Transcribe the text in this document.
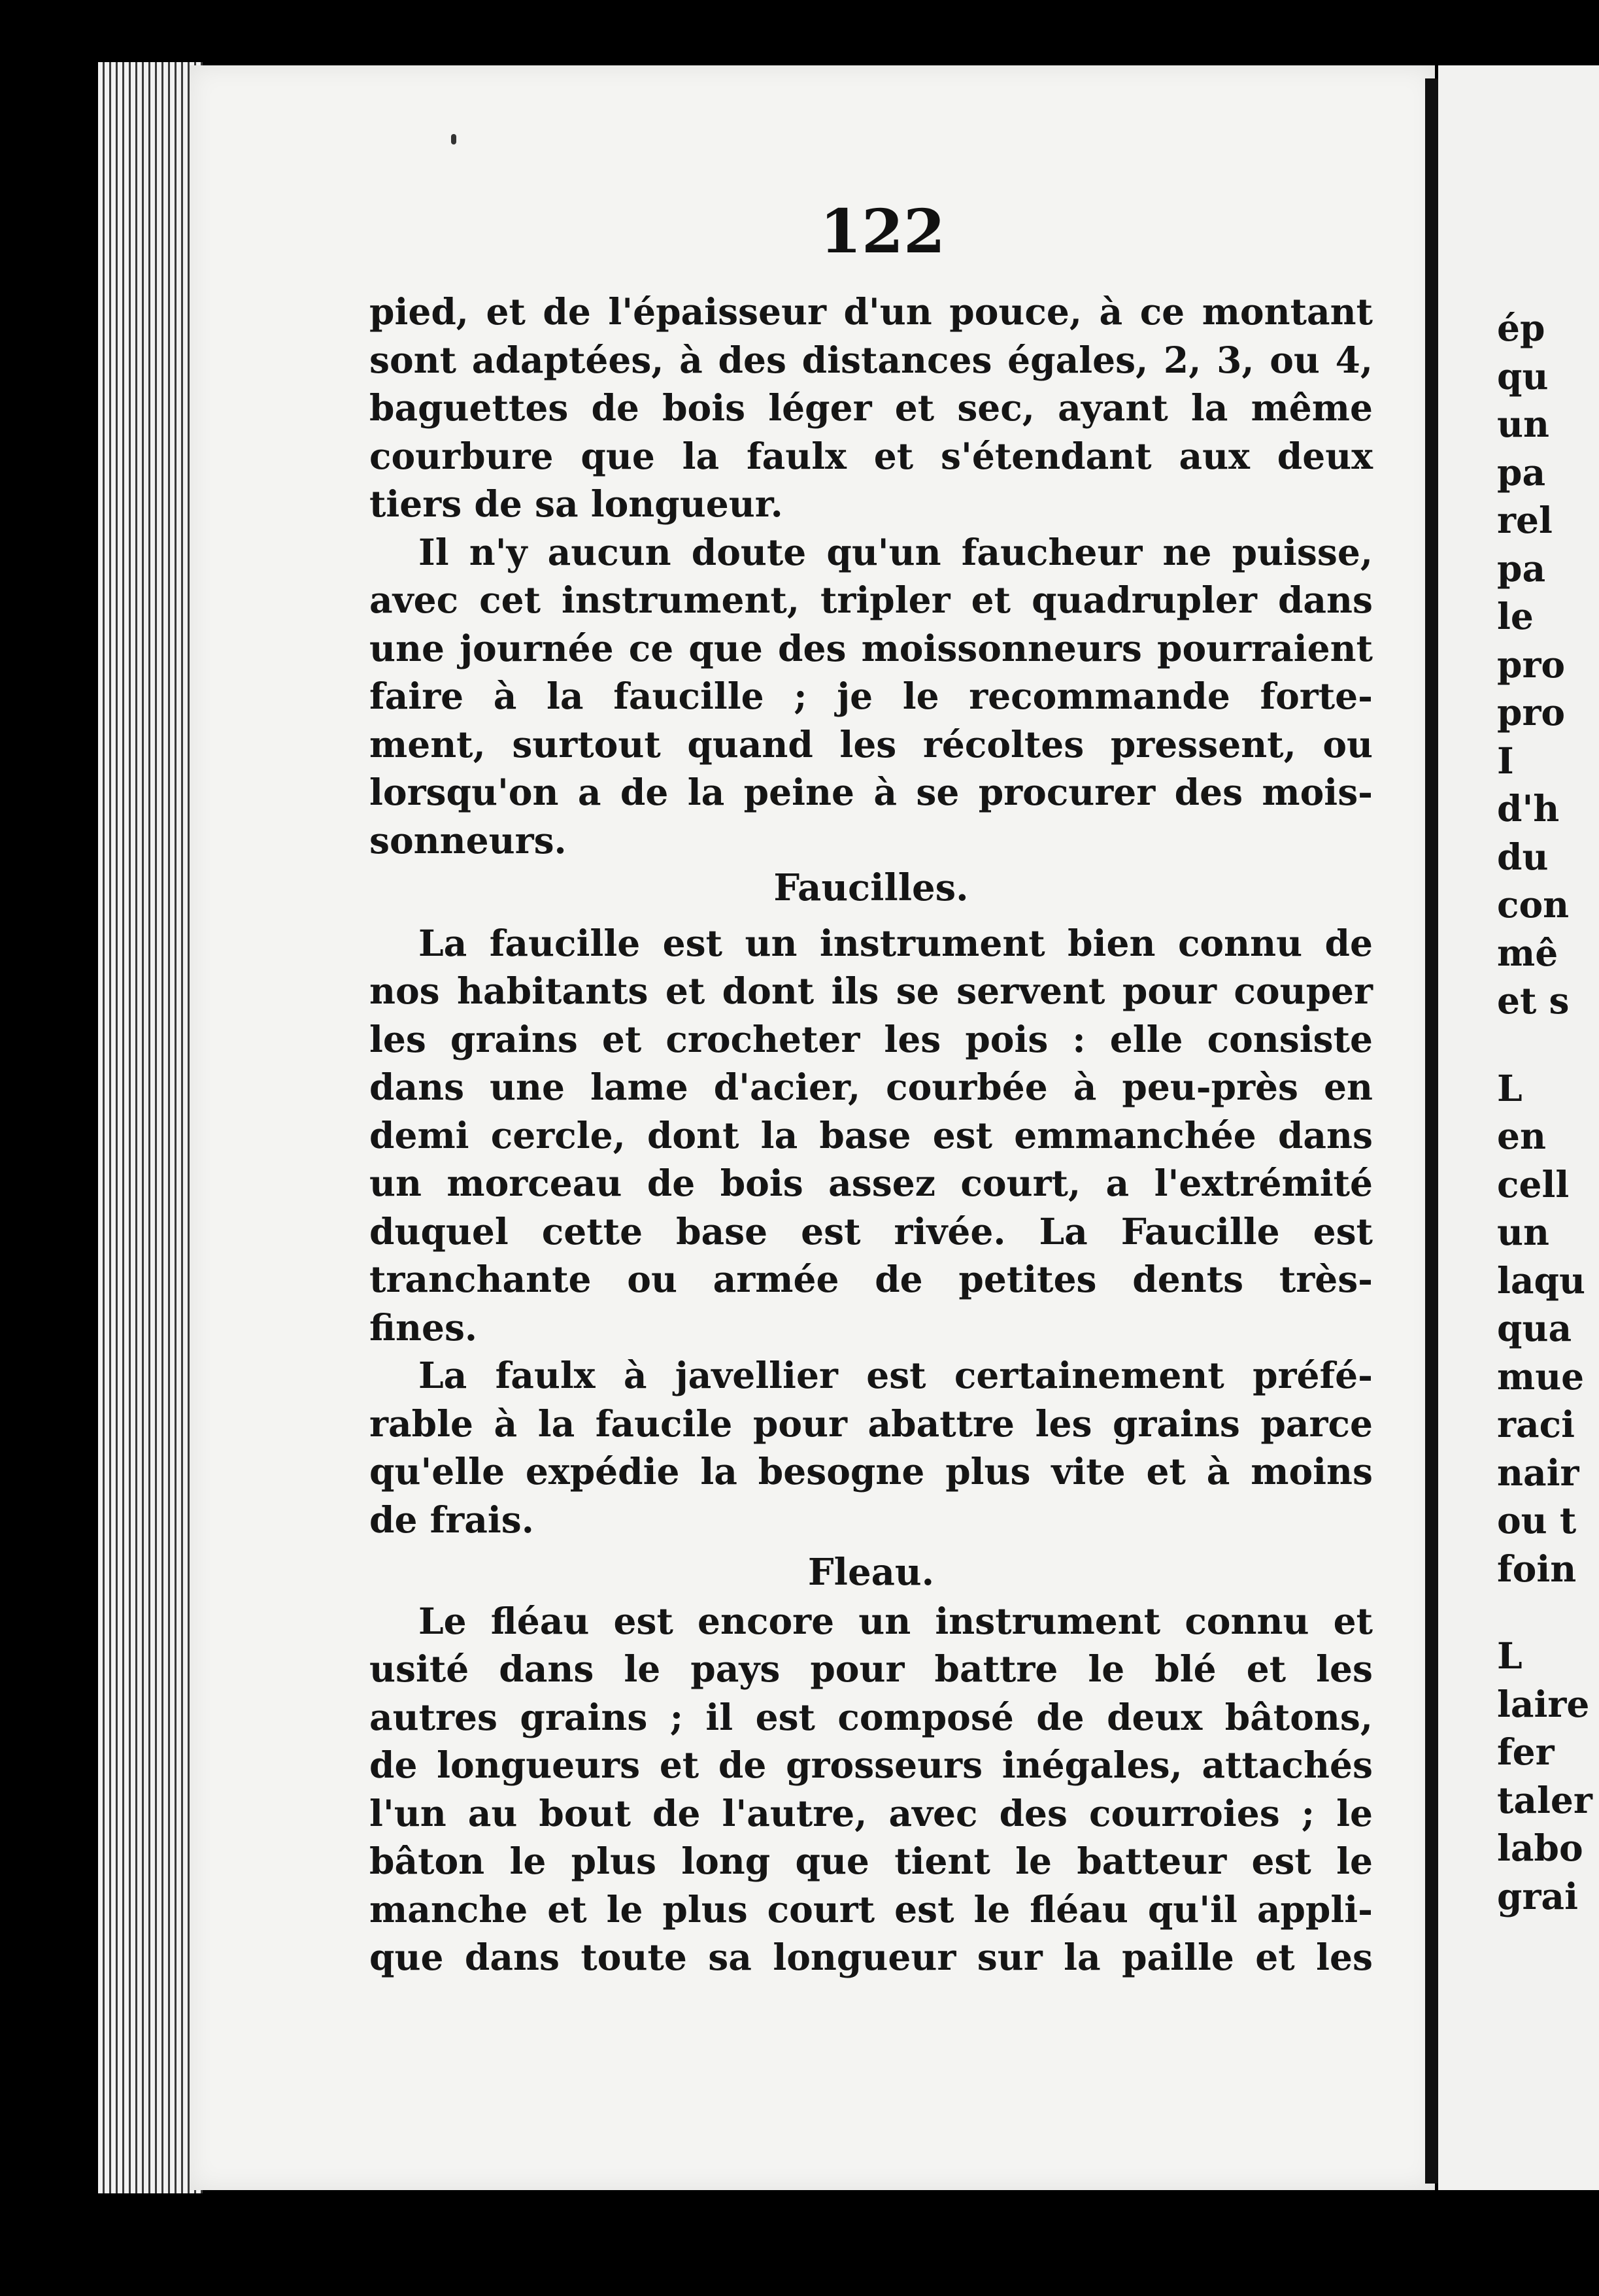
122
pied, et de l'épaisseur d'un pouce, à ce montant
sont adaptées, à des distances égales, 2, 3, ou 4,
baguettes de bois léger et sec, ayant la même
courbure que la faulx et s'étendant aux deux
tiers de sa longueur.
Il n'y aucun doute qu'un faucheur ne puisse,
avec cet instrument, tripler et quadrupler dans
une journée ce que des moissonneurs pourraient
faire à la faucille ; je le recommande forte-
ment, surtout quand les récoltes pressent, ou
lorsqu'on a de la peine à se procurer des mois-
sonneurs.
Faucilles.
La faucille est un instrument bien connu de
nos habitants et dont ils se servent pour couper
les grains et crocheter les pois : elle consiste
dans une lame d'acier, courbée à peu-près en
demi cercle, dont la base est emmanchée dans
un morceau de bois assez court, a l'extrémité
duquel cette base est rivée. La Faucille est
tranchante ou armée de petites dents très-
fines.
La faulx à javellier est certainement préfé-
rable à la faucile pour abattre les grains parce
qu'elle expédie la besogne plus vite et à moins
de frais.
Fleau.
Le fléau est encore un instrument connu et
usité dans le pays pour battre le blé et les
autres grains ; il est composé de deux bâtons,
de longueurs et de grosseurs inégales, attachés
l'un au bout de l'autre, avec des courroies ; le
bâton le plus long que tient le batteur est le
manche et le plus court est le fléau qu'il appli-
que dans toute sa longueur sur la paille et les
ép
qu
un
pa
rel
pa
le
pro
pro
I
d'h
du
con
mê
et s
L
en
cell
un
laqu
qua
mue
raci
nair
ou t
foin
L
laire
fer
taler
labo
grai
